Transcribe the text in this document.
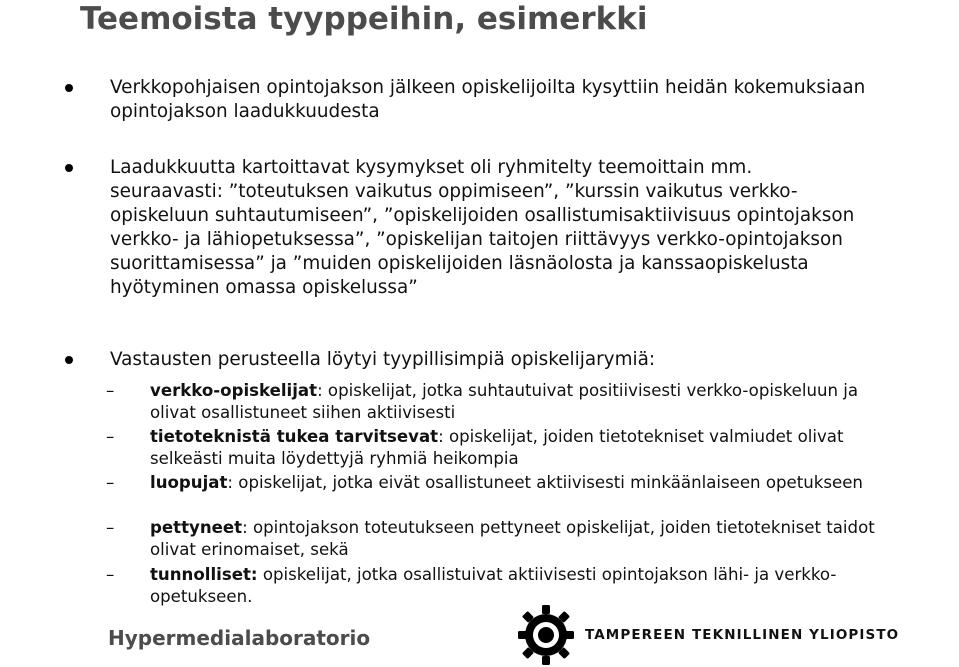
Teemoista tyyppeihin, esimerkki
Verkkopohjaisen opintojakson jälkeen opiskelijoilta kysyttiin heidän kokemuksiaan opintojakson laadukkuudesta
Laadukkuutta kartoittavat kysymykset oli ryhmitelty teemoittain mm. seuraavasti: ”toteutuksen vaikutus oppimiseen”, ”kurssin vaikutus verkko-opiskeluun suhtautumiseen”, ”opiskelijoiden osallistumisaktiivisuus opintojakson verkko- ja lähiopetuksessa”, ”opiskelijan taitojen riittävyys verkko-opintojakson suorittamisessa” ja ”muiden opiskelijoiden läsnäolosta ja kanssaopiskelusta hyötyminen omassa opiskelussa”
Vastausten perusteella löytyi tyypillisimpiä opiskelijarymiä:
– verkko-opiskelijat: opiskelijat, jotka suhtautuivat positiivisesti verkko-opiskeluun ja olivat osallistuneet siihen aktiivisesti
– tietoteknistä tukea tarvitsevat: opiskelijat, joiden tietotekniset valmiudet olivat selkeästi muita löydettyjä ryhmiä heikompia
– luopujat: opiskelijat, jotka eivät osallistuneet aktiivisesti minkäänlaiseen opetukseen
– pettyneet: opintojakson toteutukseen pettyneet opiskelijat, joiden tietotekniset taidot olivat erinomaiset, sekä
– tunnolliset: opiskelijat, jotka osallistuivat aktiivisesti opintojakson lähi- ja verkko-opetukseen.
Hypermedialaboratorio	TAMPEREEN TEKNILLINEN YLIOPISTO
